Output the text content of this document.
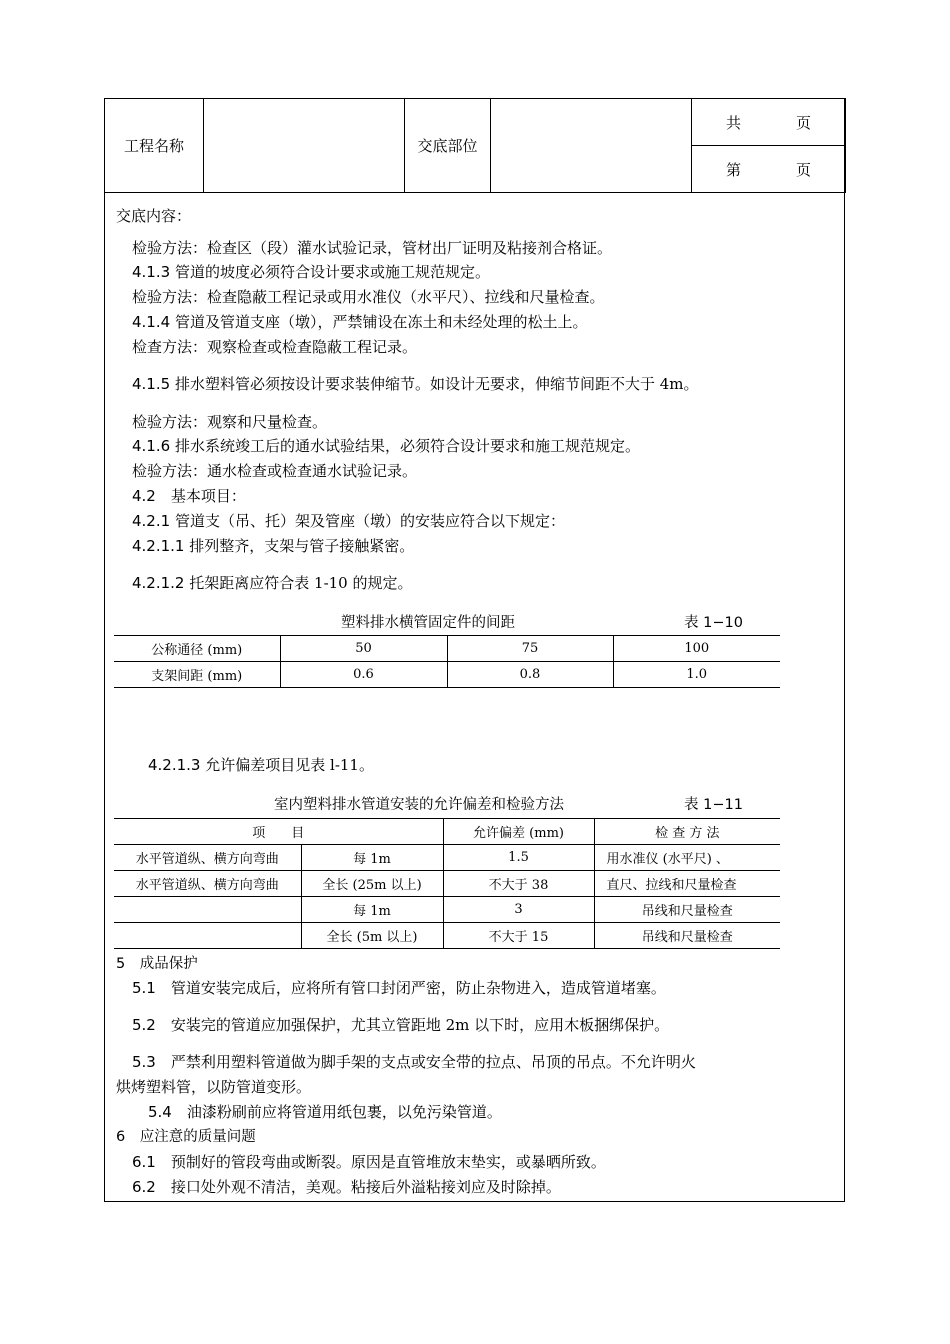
工程名称		交底部位		
共	页

第	页
交底内容：
检验方法：检查区（段）灌水试验记录，管材出厂证明及粘接剂合格证。
4.1.3 管道的坡度必须符合设计要求或施工规范规定。
检验方法：检查隐蔽工程记录或用水准仪（水平尺）、拉线和尺量检查。
4.1.4 管道及管道支座（墩），严禁铺设在冻土和未经处理的松土上。
检查方法：观察检查或检查隐蔽工程记录。
4.1.5 排水塑料管必须按设计要求装伸缩节。如设计无要求，伸缩节间距不大于 4m。
检验方法：观察和尺量检查。
4.1.6 排水系统竣工后的通水试验结果，必须符合设计要求和施工规范规定。
检验方法：通水检查或检查通水试验记录。
4.2　基本项目：
4.2.1 管道支（吊、托）架及管座（墩）的安装应符合以下规定：
4.2.1.1 排列整齐，支架与管子接触紧密。
4.2.1.2 托架距离应符合表 1-10 的规定。
塑料排水横管固定件的间距	表 1−10
公称通径 (mm)	50	75	100
支架间距 (mm)	0.6	0.8	1.0
4.2.1.3 允许偏差项目见表 l-11。
室内塑料排水管道安装的允许偏差和检验方法	表 1−11
项　　目		允许偏差 (mm)	检 查 方 法
水平管道纵、横方向弯曲	每 1m	1.5	用水准仪 (水平尺) 、
水平管道纵、横方向弯曲	全长 (25m 以上)	不大于 38	直尺、拉线和尺量检查
	每 1m	3	吊线和尺量检查
	全长 (5m 以上)	不大于 15	吊线和尺量检查
5　 成品保护
5.1　管道安装完成后，应将所有管口封闭严密，防止杂物进入，造成管道堵塞。
5.2　安装完的管道应加强保护，尤其立管距地 2m 以下时，应用木板捆绑保护。
5.3　严禁利用塑料管道做为脚手架的支点或安全带的拉点、吊顶的吊点。不允许明火
烘烤塑料管，以防管道变形。
5.4　油漆粉刷前应将管道用纸包裹，以免污染管道。
6　 应注意的质量问题
6.1　预制好的管段弯曲或断裂。原因是直管堆放末垫实，或暴晒所致。
6.2　接口处外观不清洁，美观。粘接后外溢粘接刘应及时除掉。
